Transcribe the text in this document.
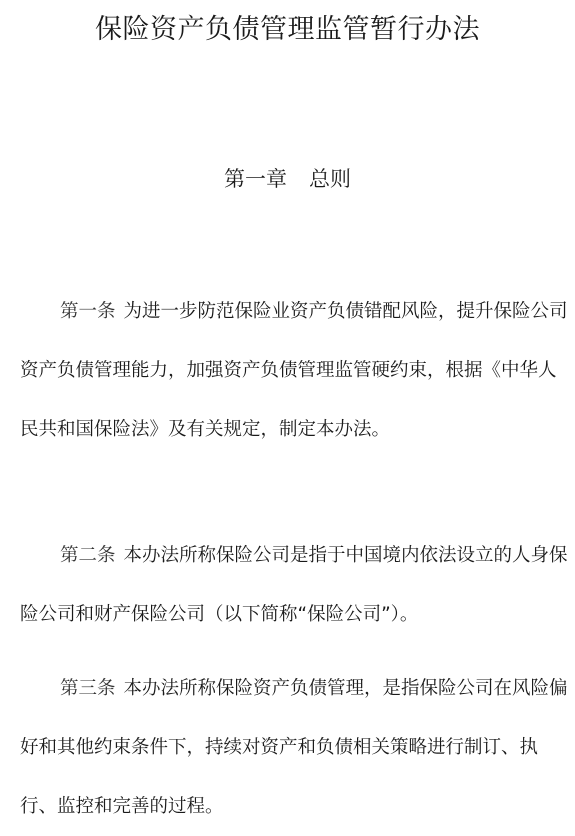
保险资产负债管理监管暂行办法
第一章 总则

第一条 为进一步防范保险业资产负债错配风险，提升保险公司资产负债管理能力，加强资产负债管理监管硬约束，根据《中华人民共和国保险法》及有关规定，制定本办法。

第二条 本办法所称保险公司是指于中国境内依法设立的人身保险公司和财产保险公司（以下简称“保险公司”）。

第三条 本办法所称保险资产负债管理，是指保险公司在风险偏好和其他约束条件下，持续对资产和负债相关策略进行制订、执行、监控和完善的过程。
